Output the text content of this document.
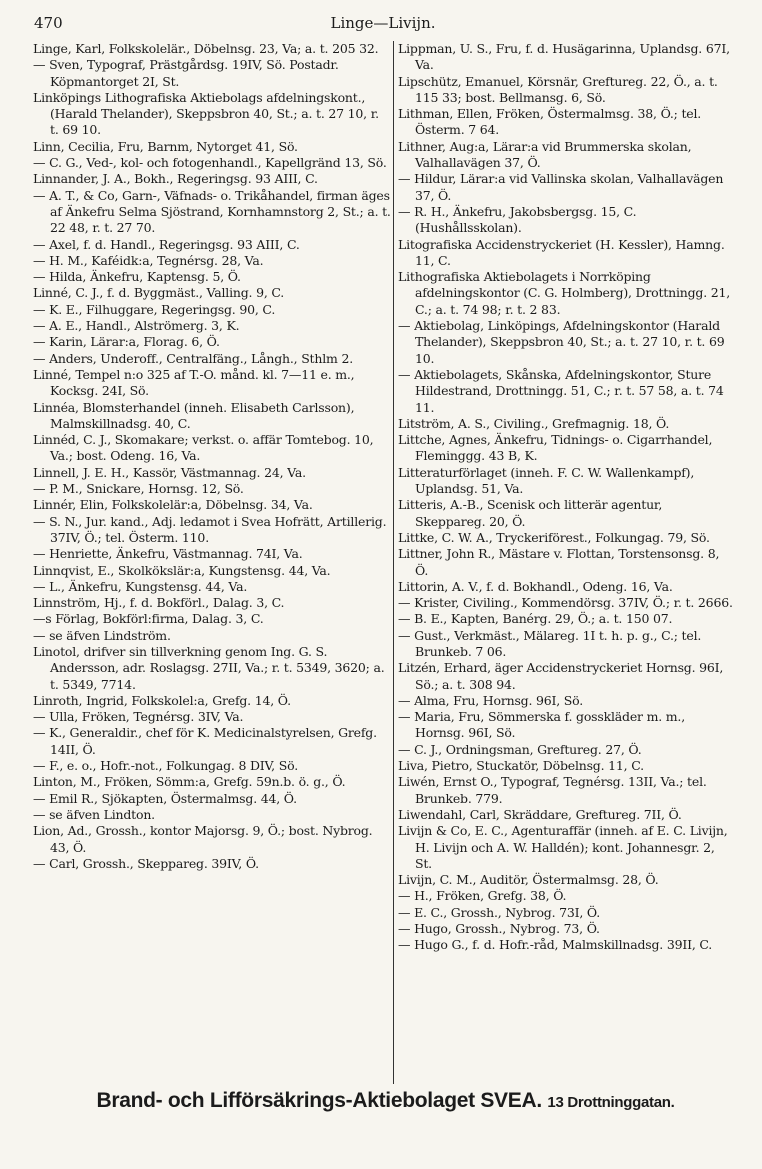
470	Linge—Livijn.

Linge, Karl, Folkskolelär., Döbelnsg. 23, Va; a. t. 205 32.

— Sven, Typograf, Prästgårdsg. 19IV, Sö. Postadr. Köpmantorget 2I, St.

Linköpings Lithografiska Aktiebolags afdelningskont., (Harald Thelander), Skeppsbron 40, St.; a. t. 27 10, r. t. 69 10.

Linn, Cecilia, Fru, Barnm, Nytorget 41, Sö.

— C. G., Ved-, kol- och fotogenhandl., Kapellgränd 13, Sö.

Linnander, J. A., Bokh., Regeringsg. 93 AIII, C.

— A. T., & Co, Garn-, Väfnads- o. Trikåhandel, firman äges af Änkefru Selma Sjöstrand, Kornhamnstorg 2, St.; a. t. 22 48, r. t. 27 70.

— Axel, f. d. Handl., Regeringsg. 93 AIII, C.

— H. M., Kaféidk:a, Tegnérsg. 28, Va.

— Hilda, Änkefru, Kaptensg. 5, Ö.

Linné, C. J., f. d. Byggmäst., Valling. 9, C.

— K. E., Filhuggare, Regeringsg. 90, C.

— A. E., Handl., Alströmerg. 3, K.

— Karin, Lärar:a, Florag. 6, Ö.

— Anders, Underoff., Centralfäng., Långh., Sthlm 2.

Linné, Tempel n:o 325 af T.-O. månd. kl. 7—11 e. m., Kocksg. 24I, Sö.

Linnéa, Blomsterhandel (inneh. Elisabeth Carlsson), Malmskillnadsg. 40, C.

Linnéd, C. J., Skomakare; verkst. o. affär Tomtebog. 10, Va.; bost. Odeng. 16, Va.

Linnell, J. E. H., Kassör, Västmannag. 24, Va.

— P. M., Snickare, Hornsg. 12, Sö.

Linnér, Elin, Folkskolelär:a, Döbelnsg. 34, Va.

— S. N., Jur. kand., Adj. ledamot i Svea Hofrätt, Artillerig. 37IV, Ö.; tel. Österm. 110.

— Henriette, Änkefru, Västmannag. 74I, Va.

Linnqvist, E., Skolkökslär:a, Kungstensg. 44, Va.

— L., Änkefru, Kungstensg. 44, Va.

Linnström, Hj., f. d. Bokförl., Dalag. 3, C.

—s Förlag, Bokförl:firma, Dalag. 3, C.

— se äfven Lindström.

Linotol, drifver sin tillverkning genom Ing. G. S. Andersson, adr. Roslagsg. 27II, Va.; r. t. 5349, 3620; a. t. 5349, 7714.

Linroth, Ingrid, Folkskolel:a, Grefg. 14, Ö.

— Ulla, Fröken, Tegnérsg. 3IV, Va.

— K., Generaldir., chef för K. Medicinalstyrelsen, Grefg. 14II, Ö.

— F., e. o., Hofr.-not., Folkungag. 8 DIV, Sö.

Linton, M., Fröken, Sömm:a, Grefg. 59n.b. ö. g., Ö.

— Emil R., Sjökapten, Östermalmsg. 44, Ö.

— se äfven Lindton.

Lion, Ad., Grossh., kontor Majorsg. 9, Ö.; bost. Nybrog. 43, Ö.

— Carl, Grossh., Skeppareg. 39IV, Ö.

Lippman, U. S., Fru, f. d. Husägarinna, Uplandsg. 67I, Va.

Lipschütz, Emanuel, Körsnär, Greftureg. 22, Ö., a. t. 115 33; bost. Bellmansg. 6, Sö.

Lithman, Ellen, Fröken, Östermalmsg. 38, Ö.; tel. Österm. 7 64.

Lithner, Aug:a, Lärar:a vid Brummerska skolan, Valhallavägen 37, Ö.

— Hildur, Lärar:a vid Vallinska skolan, Valhallavägen 37, Ö.

— R. H., Änkefru, Jakobsbergsg. 15, C. (Hushållsskolan).

Litografiska Accidenstryckeriet (H. Kessler), Hamng. 11, C.

Lithografiska Aktiebolagets i Norrköping afdelningskontor (C. G. Holmberg), Drottningg. 21, C.; a. t. 74 98; r. t. 2 83.

— Aktiebolag, Linköpings, Afdelningskontor (Harald Thelander), Skeppsbron 40, St.; a. t. 27 10, r. t. 69 10.

— Aktiebolagets, Skånska, Afdelningskontor, Sture Hildestrand, Drottningg. 51, C.; r. t. 57 58, a. t. 74 11.

Litström, A. S., Civiling., Grefmagnig. 18, Ö.

Littche, Agnes, Änkefru, Tidnings- o. Cigarrhandel, Fleminggg. 43 B, K.

Litteraturförlaget (inneh. F. C. W. Wallenkampf), Uplandsg. 51, Va.

Litteris, A.-B., Scenisk och litterär agentur, Skeppareg. 20, Ö.

Littke, C. W. A., Tryckeriförest., Folkungag. 79, Sö.

Littner, John R., Mästare v. Flottan, Torstensonsg. 8, Ö.

Littorin, A. V., f. d. Bokhandl., Odeng. 16, Va.

— Krister, Civiling., Kommendörsg. 37IV, Ö.; r. t. 2666.

— B. E., Kapten, Banérg. 29, Ö.; a. t. 150 07.

— Gust., Verkmäst., Mälareg. 1I t. h. p. g., C.; tel. Brunkeb. 7 06.

Litzén, Erhard, äger Accidenstryckeriet Hornsg. 96I, Sö.; a. t. 308 94.

— Alma, Fru, Hornsg. 96I, Sö.

— Maria, Fru, Sömmerska f. gosskläder m. m., Hornsg. 96I, Sö.

— C. J., Ordningsman, Greftureg. 27, Ö.

Liva, Pietro, Stuckatör, Döbelnsg. 11, C.

Liwén, Ernst O., Typograf, Tegnérsg. 13II, Va.; tel. Brunkeb. 779.

Liwendahl, Carl, Skräddare, Greftureg. 7II, Ö.

Livijn & Co, E. C., Agenturaffär (inneh. af E. C. Livijn, H. Livijn och A. W. Halldén); kont. Johannesgr. 2, St.

Livijn, C. M., Auditör, Östermalmsg. 28, Ö.

— H., Fröken, Grefg. 38, Ö.

— E. C., Grossh., Nybrog. 73I, Ö.

— Hugo, Grossh., Nybrog. 73, Ö.

— Hugo G., f. d. Hofr.-råd, Malmskillnadsg. 39II, C.

Brand- och Lifförsäkrings-Aktiebolaget SVEA. 13 Drottninggatan.
